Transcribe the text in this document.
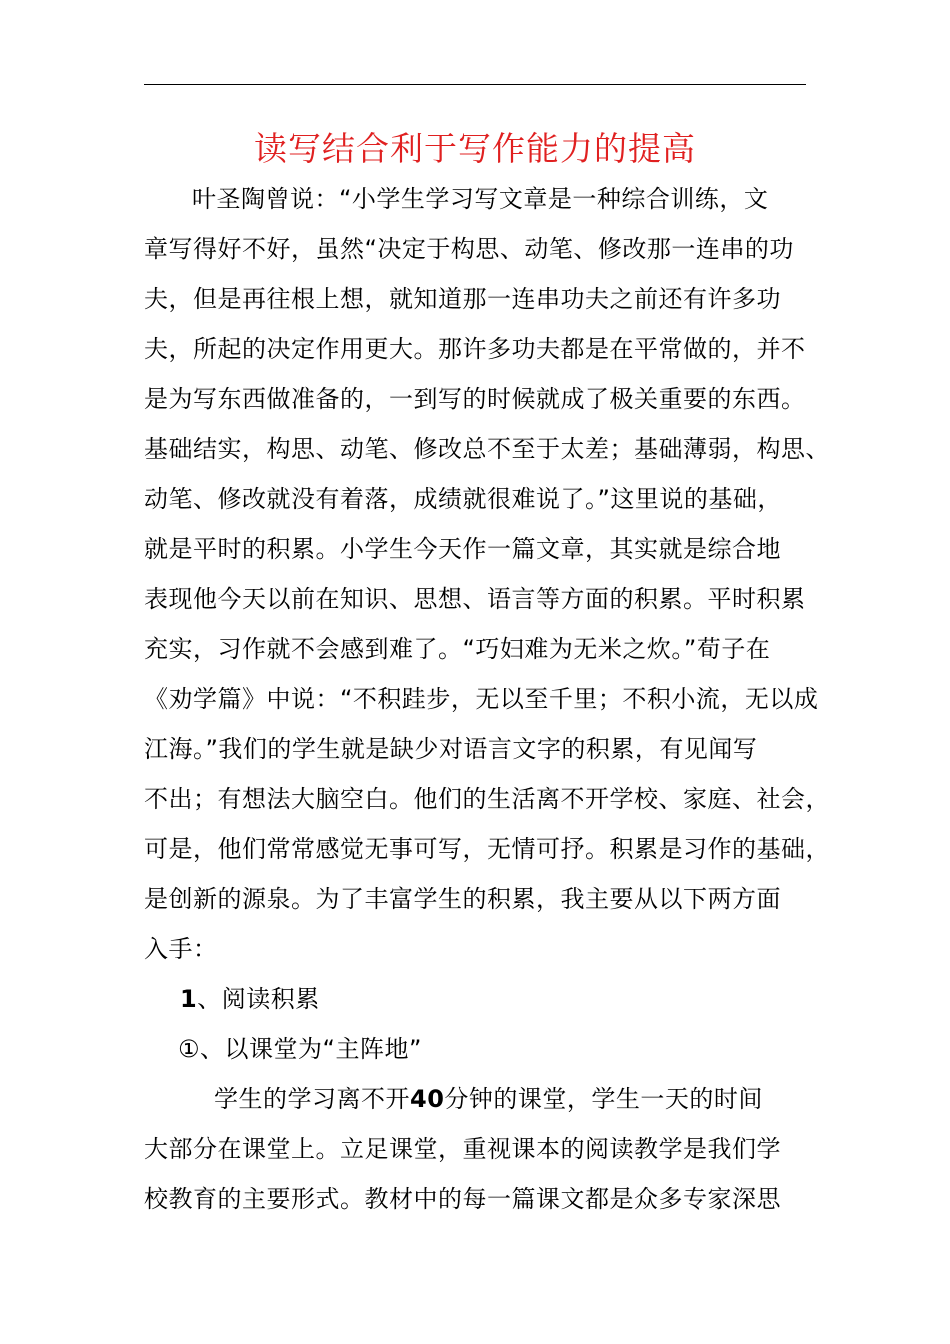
读写结合利于写作能力的提高

叶圣陶曾说：“小学生学习写文章是一种综合训练，文
章写得好不好，虽然“决定于构思、动笔、修改那一连串的功
夫，但是再往根上想，就知道那一连串功夫之前还有许多功
夫，所起的决定作用更大。那许多功夫都是在平常做的，并不
是为写东西做准备的，一到写的时候就成了极关重要的东西。
基础结实，构思、动笔、修改总不至于太差；基础薄弱，构思、
动笔、修改就没有着落，成绩就很难说了。”这里说的基础，
就是平时的积累。小学生今天作一篇文章，其实就是综合地
表现他今天以前在知识、思想、语言等方面的积累。平时积累
充实，习作就不会感到难了。“巧妇难为无米之炊。”荀子在
《劝学篇》中说：“不积跬步，无以至千里；不积小流，无以成
江海。”我们的学生就是缺少对语言文字的积累，有见闻写
不出；有想法大脑空白。他们的生活离不开学校、家庭、社会，
可是，他们常常感觉无事可写，无情可抒。积累是习作的基础，
是创新的源泉。为了丰富学生的积累，我主要从以下两方面
入手：

1、阅读积累

①、以课堂为“主阵地”

学生的学习离不开40分钟的课堂，学生一天的时间
大部分在课堂上。立足课堂，重视课本的阅读教学是我们学
校教育的主要形式。教材中的每一篇课文都是众多专家深思
